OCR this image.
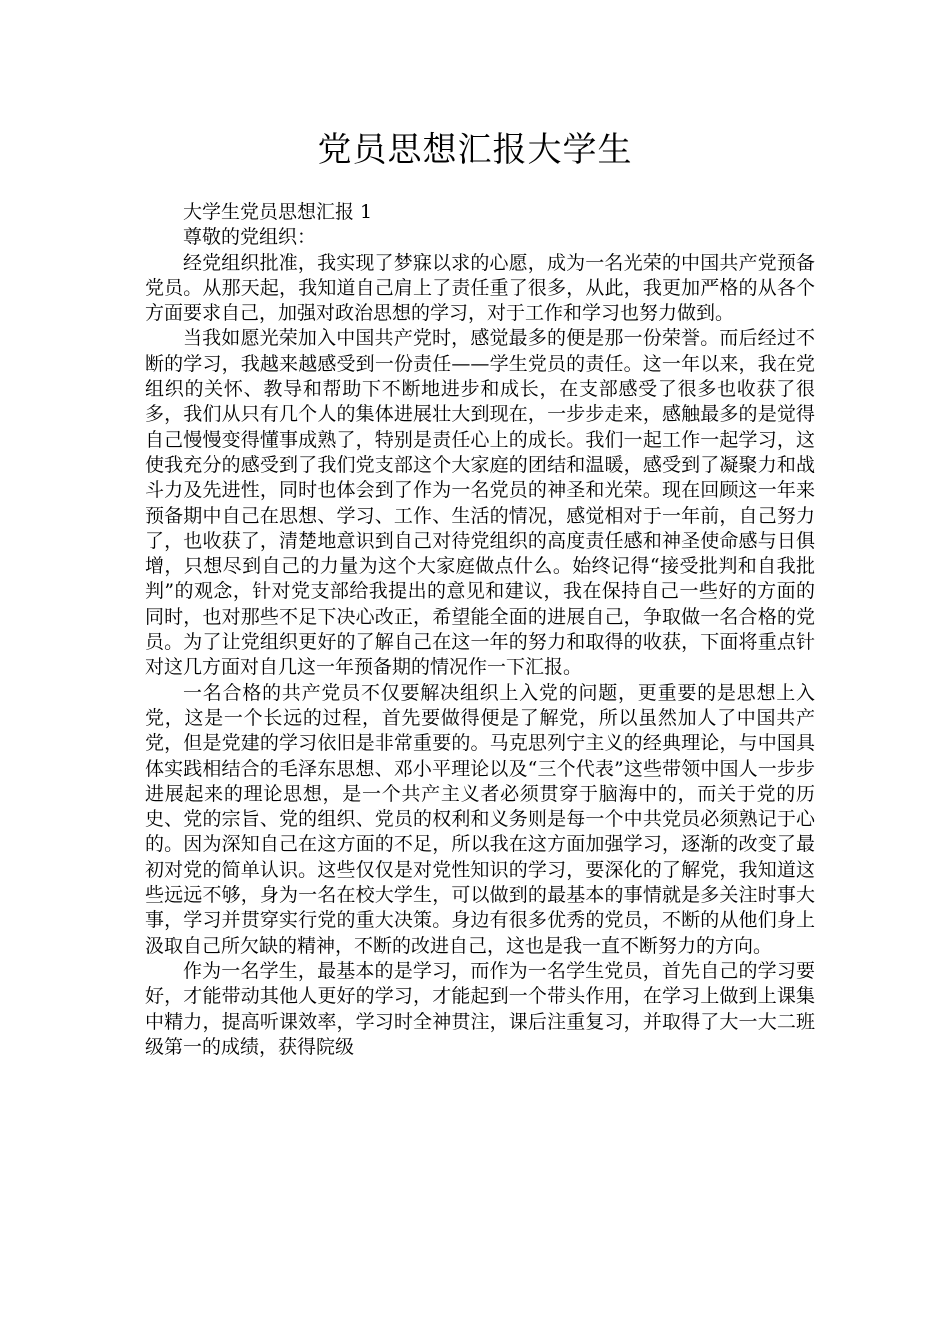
党员思想汇报大学生

大学生党员思想汇报 1

尊敬的党组织：

经党组织批准，我实现了梦寐以求的心愿，成为一名光荣的中国共产党预备党员。从那天起，我知道自己肩上了责任重了很多，从此，我更加严格的从各个方面要求自己，加强对政治思想的学习，对于工作和学习也努力做到。

当我如愿光荣加入中国共产党时，感觉最多的便是那一份荣誉。而后经过不断的学习，我越来越感受到一份责任——学生党员的责任。这一年以来，我在党组织的关怀、教导和帮助下不断地进步和成长，在支部感受了很多也收获了很多，我们从只有几个人的集体进展壮大到现在，一步步走来，感触最多的是觉得自己慢慢变得懂事成熟了，特别是责任心上的成长。我们一起工作一起学习，这使我充分的感受到了我们党支部这个大家庭的团结和温暖，感受到了凝聚力和战斗力及先进性，同时也体会到了作为一名党员的神圣和光荣。现在回顾这一年来预备期中自己在思想、学习、工作、生活的情况，感觉相对于一年前，自己努力了，也收获了，清楚地意识到自己对待党组织的高度责任感和神圣使命感与日俱增，只想尽到自己的力量为这个大家庭做点什么。始终记得“接受批判和自我批判”的观念，针对党支部给我提出的意见和建议，我在保持自己一些好的方面的同时，也对那些不足下决心改正，希望能全面的进展自己，争取做一名合格的党员。为了让党组织更好的了解自己在这一年的努力和取得的收获，下面将重点针对这几方面对自几这一年预备期的情况作一下汇报。

一名合格的共产党员不仅要解决组织上入党的问题，更重要的是思想上入党，这是一个长远的过程，首先要做得便是了解党，所以虽然加人了中国共产党，但是党建的学习依旧是非常重要的。马克思列宁主义的经典理论，与中国具体实践相结合的毛泽东思想、邓小平理论以及“三个代表”这些带领中国人一步步进展起来的理论思想，是一个共产主义者必须贯穿于脑海中的，而关于党的历史、党的宗旨、党的组织、党员的权利和义务则是每一个中共党员必须熟记于心的。因为深知自己在这方面的不足，所以我在这方面加强学习，逐渐的改变了最初对党的简单认识。这些仅仅是对党性知识的学习，要深化的了解党，我知道这些远远不够，身为一名在校大学生，可以做到的最基本的事情就是多关注时事大事，学习并贯穿实行党的重大决策。身边有很多优秀的党员，不断的从他们身上汲取自己所欠缺的精神，不断的改进自己，这也是我一直不断努力的方向。

作为一名学生，最基本的是学习，而作为一名学生党员，首先自己的学习要好，才能带动其他人更好的学习，才能起到一个带头作用，在学习上做到上课集中精力，提高听课效率，学习时全神贯注，课后注重复习，并取得了大一大二班级第一的成绩，获得院级
